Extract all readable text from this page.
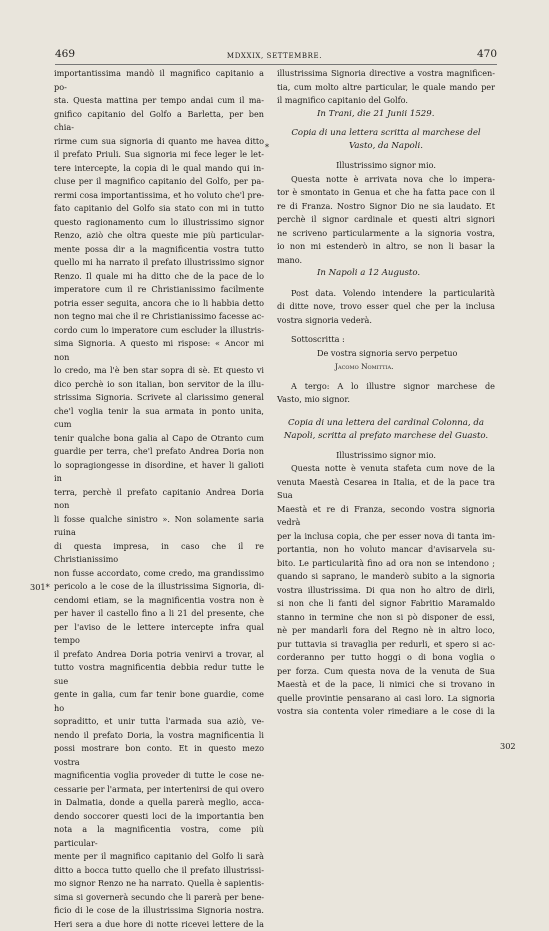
469	MDXXIX, SETTEMBRE.	470
*
301*
302
importantissima mandò il magnifico capitanio a po-
sta. Questa mattina per tempo andai cum il ma-
gnifico capitanio del Golfo a Barletta, per ben chia-
rirme cum sua signoria di quanto me havea ditto
il prefato Priuli. Sua signoria mi fece leger le let-
tere intercepte, la copia di le qual mando qui in-
cluse per il magnifico capitanio del Golfo, per pa-
rermi cosa importantissima, et ho voluto che'l pre-
fato capitanio del Golfo sia stato con mi in tutto
questo ragionamento cum lo illustrissimo signor
Renzo, aziò che oltra queste mie più particular-
mente possa dir a la magnificentia vostra tutto
quello mi ha narrato il prefato illustrissimo signor
Renzo. Il quale mi ha ditto che de la pace de lo
imperatore cum il re Christianissimo facilmente
potria esser seguita, ancora che io li habbia detto
non tegno mai che il re Christianissimo facesse ac-
cordo cum lo imperatore cum escluder la illustris-
sima Signoria. A questo mi rispose: « Ancor mi non
lo credo, ma l'è ben star sopra di sè. Et questo vi
dico perchè io son italian, bon servitor de la illu-
strissima Signoria. Scrivete al clarissimo general
che'l voglia tenir la sua armata in ponto unita, cum
tenir qualche bona galia al Capo de Otranto cum
guardie per terra, che'l prefato Andrea Doria non
lo sopragiongesse in disordine, et haver li galioti in
terra, perchè il prefato capitanio Andrea Doria non
li fosse qualche sinistro ». Non solamente saria ruina
di questa impresa, in caso che il re Christianissimo
non fusse accordato, come credo, ma grandissimo
pericolo a le cose de la illustrissima Signoria, di-
cendomi etiam, se la magnificentia vostra non è
per haver il castello fino a li 21 del presente, che
per l'aviso de le lettere intercepte infra qual tempo
il prefato Andrea Doria potria venirvi a trovar, al
tutto vostra magnificentia debbia redur tutte le sue
gente in galia, cum far tenir bone guardie, come ho
sopraditto, et unir tutta l'armada sua aziò, ve-
nendo il prefato Doria, la vostra magnificentia li
possi mostrare bon conto. Et in questo mezo vostra
magnificentia voglia proveder di tutte le cose ne-
cessarie per l'armata, per intertenirsi de qui overo
in Dalmatia, donde a quella parerà meglio, acca-
dendo soccorer questi loci de la importantia ben
nota a la magnificentia vostra, come più particular-
mente per il magnifico capitanio del Golfo li sarà
ditto a bocca tutto quello che il prefato illustrissi-
mo signor Renzo ne ha narrato. Quella è sapientis-
sima si governerà secundo che li parerà per bene-
ficio di le cose de la illustrissima Signoria nostra.
Heri sera a due hore di notte ricevei lettere de la
illustrissima Signoria directive a vostra magnificen-
tia, cum molto altre particular, le quale mando per
il magnifico capitanio del Golfo.

In Trani, die 21 Junii 1529.

Copia di una lettera scritta al marchese del Vasto, da Napoli.

Illustrissimo signor mio.

Questa notte è arrivata nova che lo impera-
tor è smontato in Genua et che ha fatta pace con il
re di Franza. Nostro Signor Dio ne sia laudato. Et
perchè il signor cardinale et questi altri signori
ne scriveno particularmente a la signoria vostra,
io non mi estenderò in altro, se non li basar la
mano.

In Napoli a 12 Augusto.

Post data. Volendo intendere la particularità
di ditte nove, trovo esser quel che per la inclusa
vostra signoria vederà.

Sottoscritta :

De vostra signoria servo perpetuo

Jacomo Nomittia.

A tergo: A lo illustre signor marchese de
Vasto, mio signor.

Copia di una lettera del cardinal Colonna, da Napoli, scritta al prefato marchese del Guasto.

Illustrissimo signor mio.

Questa notte è venuta stafeta cum nove de la
venuta Maestà Cesarea in Italia, et de la pace tra Sua
Maestà et re di Franza, secondo vostra signoria vedrà
per la inclusa copia, che per esser nova di tanta im-
portantia, non ho voluto mancar d'avisarvela su-
bito. Le particularità fino ad ora non se intendono ;
quando si saprano, le manderò subito a la signoria
vostra illustrissima. Di qua non ho altro de dirli,
si non che li fanti del signor Fabritio Maramaldo
stanno in termine che non si pò disponer de essi,
nè per mandarli fora del Regno nè in altro loco,
pur tuttavia si travaglia per redurli, et spero si ac-
corderanno per tutto hoggi o di bona voglia o
per forza. Cum questa nova de la venuta de Sua
Maestà et de la pace, li nimici che si trovano in
quelle provintie pensarano ai casi loro. La signoria
vostra sia contenta voler rimediare a le cose di la
